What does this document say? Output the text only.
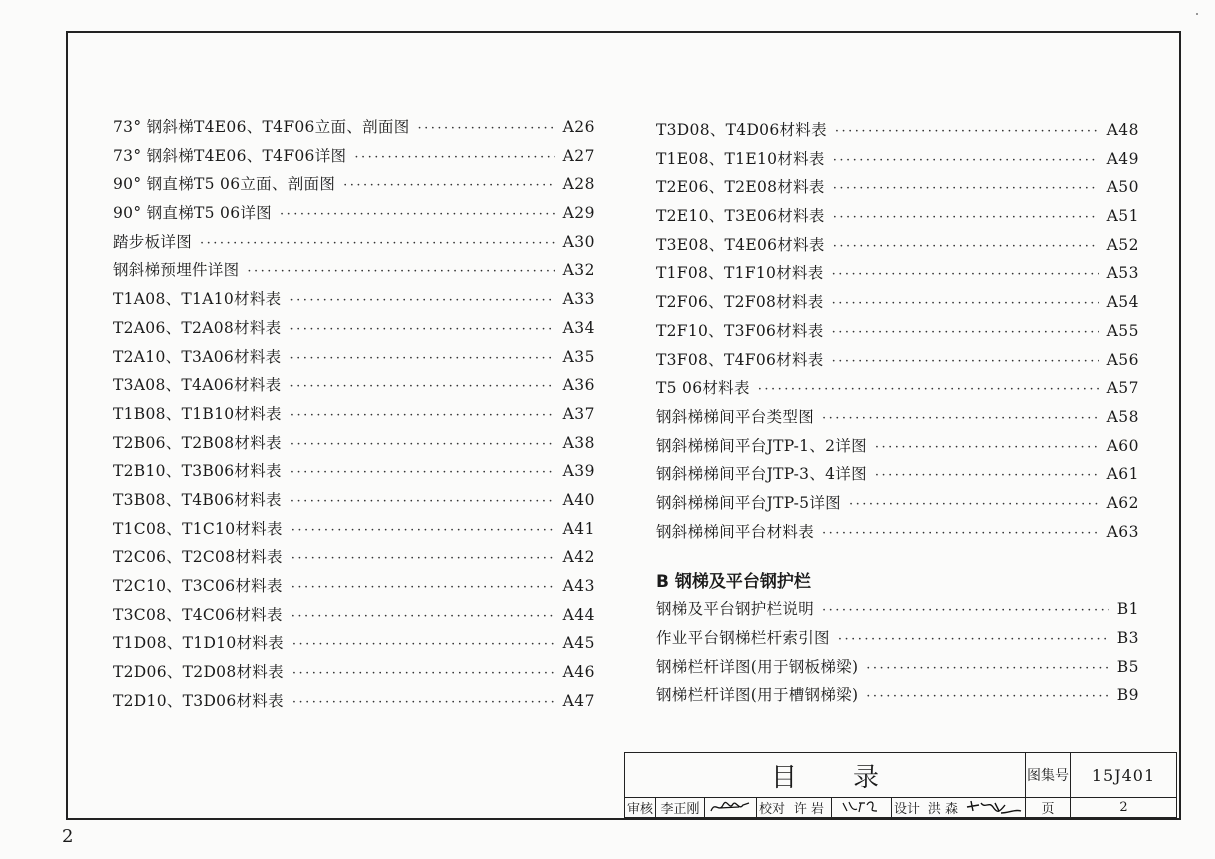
73° 钢斜梯T4E06、T4F06立面、剖面图 ·····	A26
73° 钢斜梯T4E06、T4F06详图 ·····	A27
90° 钢直梯T5 06立面、剖面图 ·····	A28
90° 钢直梯T5 06详图 ·····	A29
踏步板详图 ·····	A30
钢斜梯预埋件详图 ·····	A32
T1A08、T1A10材料表 ·····	A33
T2A06、T2A08材料表 ·····	A34
T2A10、T3A06材料表 ·····	A35
T3A08、T4A06材料表 ·····	A36
T1B08、T1B10材料表 ·····	A37
T2B06、T2B08材料表 ·····	A38
T2B10、T3B06材料表 ·····	A39
T3B08、T4B06材料表 ·····	A40
T1C08、T1C10材料表 ·····	A41
T2C06、T2C08材料表 ·····	A42
T2C10、T3C06材料表 ·····	A43
T3C08、T4C06材料表 ·····	A44
T1D08、T1D10材料表 ·····	A45
T2D06、T2D08材料表 ·····	A46
T2D10、T3D06材料表 ·····	A47
T3D08、T4D06材料表 ·····	A48
T1E08、T1E10材料表 ·····	A49
T2E06、T2E08材料表 ·····	A50
T2E10、T3E06材料表 ·····	A51
T3E08、T4E06材料表 ·····	A52
T1F08、T1F10材料表 ·····	A53
T2F06、T2F08材料表 ·····	A54
T2F10、T3F06材料表 ·····	A55
T3F08、T4F06材料表 ·····	A56
T5 06材料表 ·····	A57
钢斜梯梯间平台类型图 ·····	A58
钢斜梯梯间平台JTP-1、2详图 ·····	A60
钢斜梯梯间平台JTP-3、4详图 ·····	A61
钢斜梯梯间平台JTP-5详图 ·····	A62
钢斜梯梯间平台材料表 ·····	A63
B 钢梯及平台钢护栏
钢梯及平台钢护栏说明 ·····	B1
作业平台钢梯栏杆索引图 ·····	B3
钢梯栏杆详图(用于钢板梯梁) ·····	B5
钢梯栏杆详图(用于槽钢梯梁) ·····	B9
目录	图集号	15J401
审核 李正刚	校对 许 岩	设计 洪 森	页	2
2
